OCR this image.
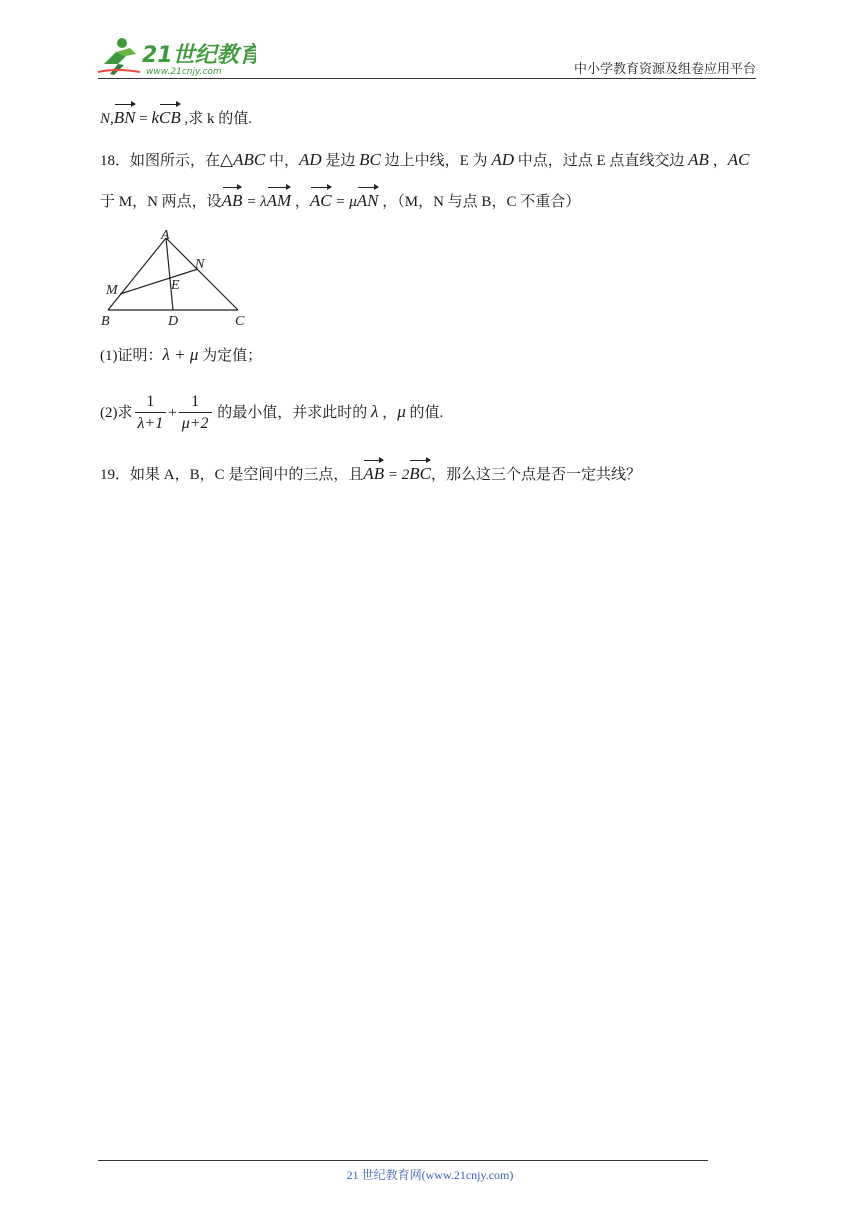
21世纪教育
www.21cnjy.com	中小学教育资源及组卷应用平台
N,BN = kCB ,求 k 的值.
18．如图所示，在△ABC 中，AD 是边 BC 边上中线，E 为 AD 中点，过点 E 点直线交边 AB ，AC
于 M，N 两点，设AB = λAM ，AC = μAN ，（M，N 与点 B，C 不重合）
A
B	D	C
E
M
N
(1)证明：λ + μ 为定值；
(2)求 $\frac{1}{\lambda+1} + \frac{1}{\mu+2}$ 的最小值，并求此时的 λ ，μ 的值.
19．如果 A，B，C 是空间中的三点，且AB = 2BC，那么这三个点是否一定共线？
21 世纪教育网(www.21cnjy.com)
